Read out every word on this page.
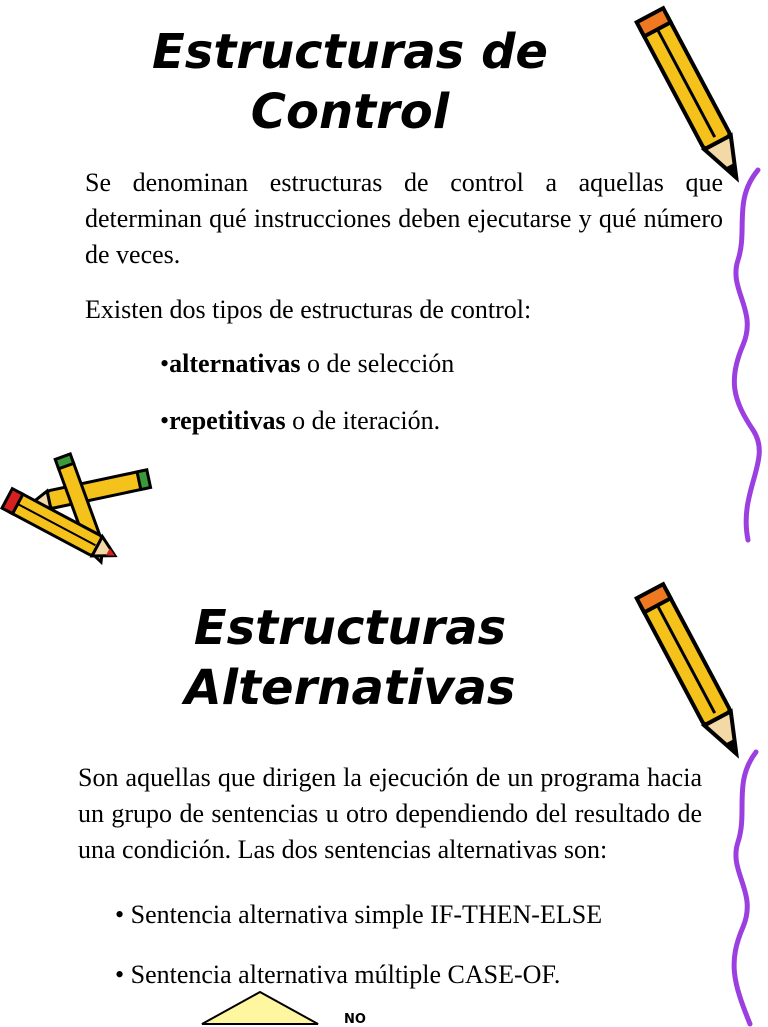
Estructuras de
Control

Se denominan estructuras de control a aquellas que determinan qué instrucciones deben ejecutarse y qué número de veces.

Existen dos tipos de estructuras de control:

•alternativas o de selección
•repetitivas o de iteración.
Estructuras
Alternativas

Son aquellas que dirigen la ejecución de un programa hacia un grupo de sentencias u otro dependiendo del resultado de una condición. Las dos sentencias alternativas son:

• Sentencia alternativa simple IF-THEN-ELSE
• Sentencia alternativa múltiple CASE-OF.
NO
